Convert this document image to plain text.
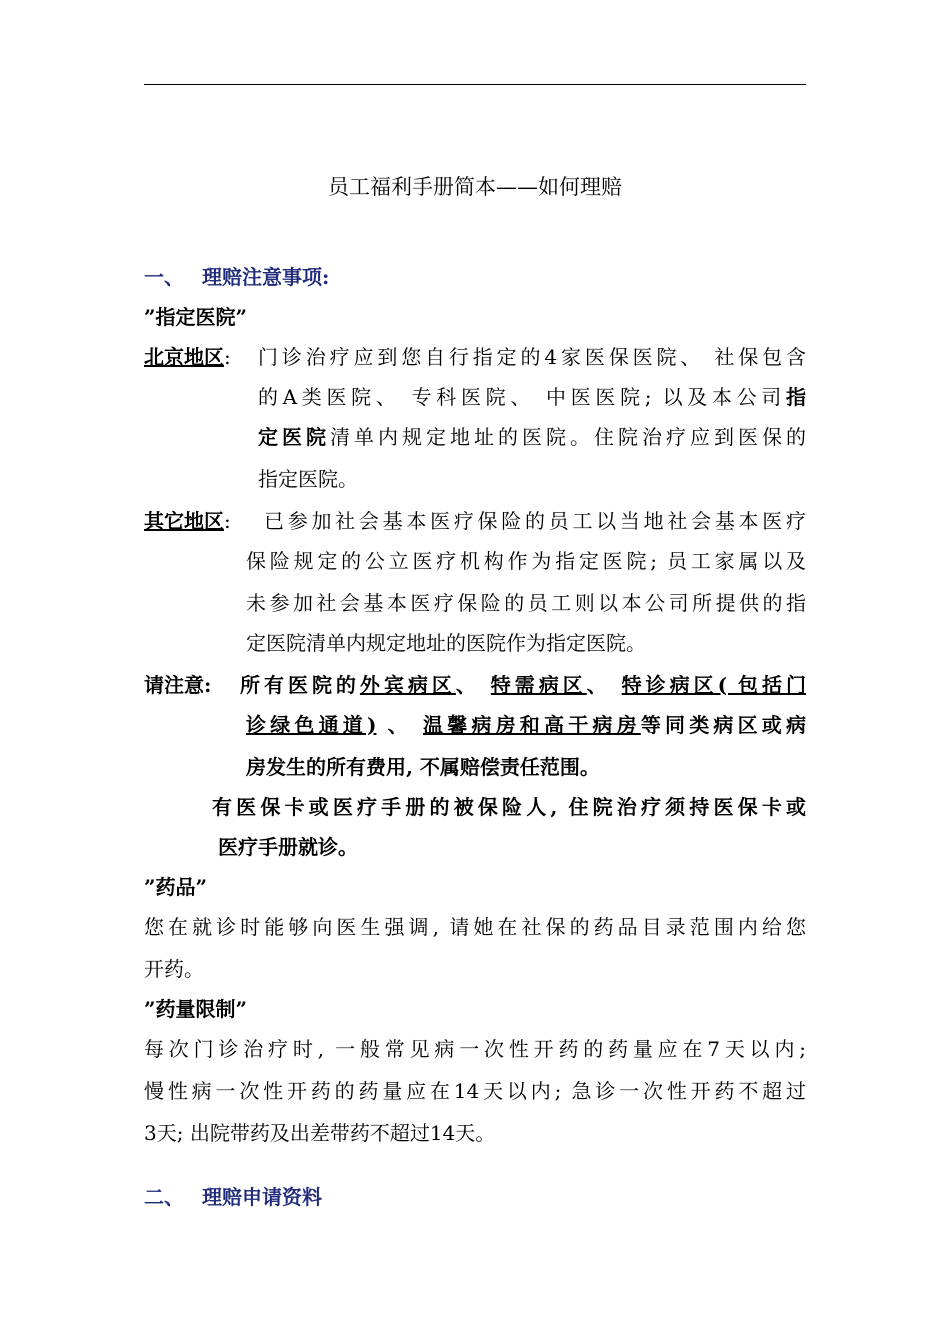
员工福利手册简本——如何理赔
一、 理赔注意事项:
”指定医院”
北京地区: 门诊治疗应到您自行指定的4家医保医院、 社保包含
的A类医院、 专科医院、 中医医院; 以及本公司指
定医院清单内规定地址的医院。住院治疗应到医保的
指定医院。
其它地区: 已参加社会基本医疗保险的员工以当地社会基本医疗
保险规定的公立医疗机构作为指定医院; 员工家属以及
未参加社会基本医疗保险的员工则以本公司所提供的指
定医院清单内规定地址的医院作为指定医院。
请注意: 所有医院的外宾病区、 特需病区、 特诊病区( 包括门
诊绿色通道) 、 温馨病房和高干病房等同类病区或病
房发生的所有费用, 不属赔偿责任范围。
有医保卡或医疗手册的被保险人, 住院治疗须持医保卡或
医疗手册就诊。
”药品”
您在就诊时能够向医生强调, 请她在社保的药品目录范围内给您
开药。
”药量限制”
每次门诊治疗时, 一般常见病一次性开药的药量应在7天以内;
慢性病一次性开药的药量应在14天以内; 急诊一次性开药不超过
3天; 出院带药及出差带药不超过14天。
二、 理赔申请资料
